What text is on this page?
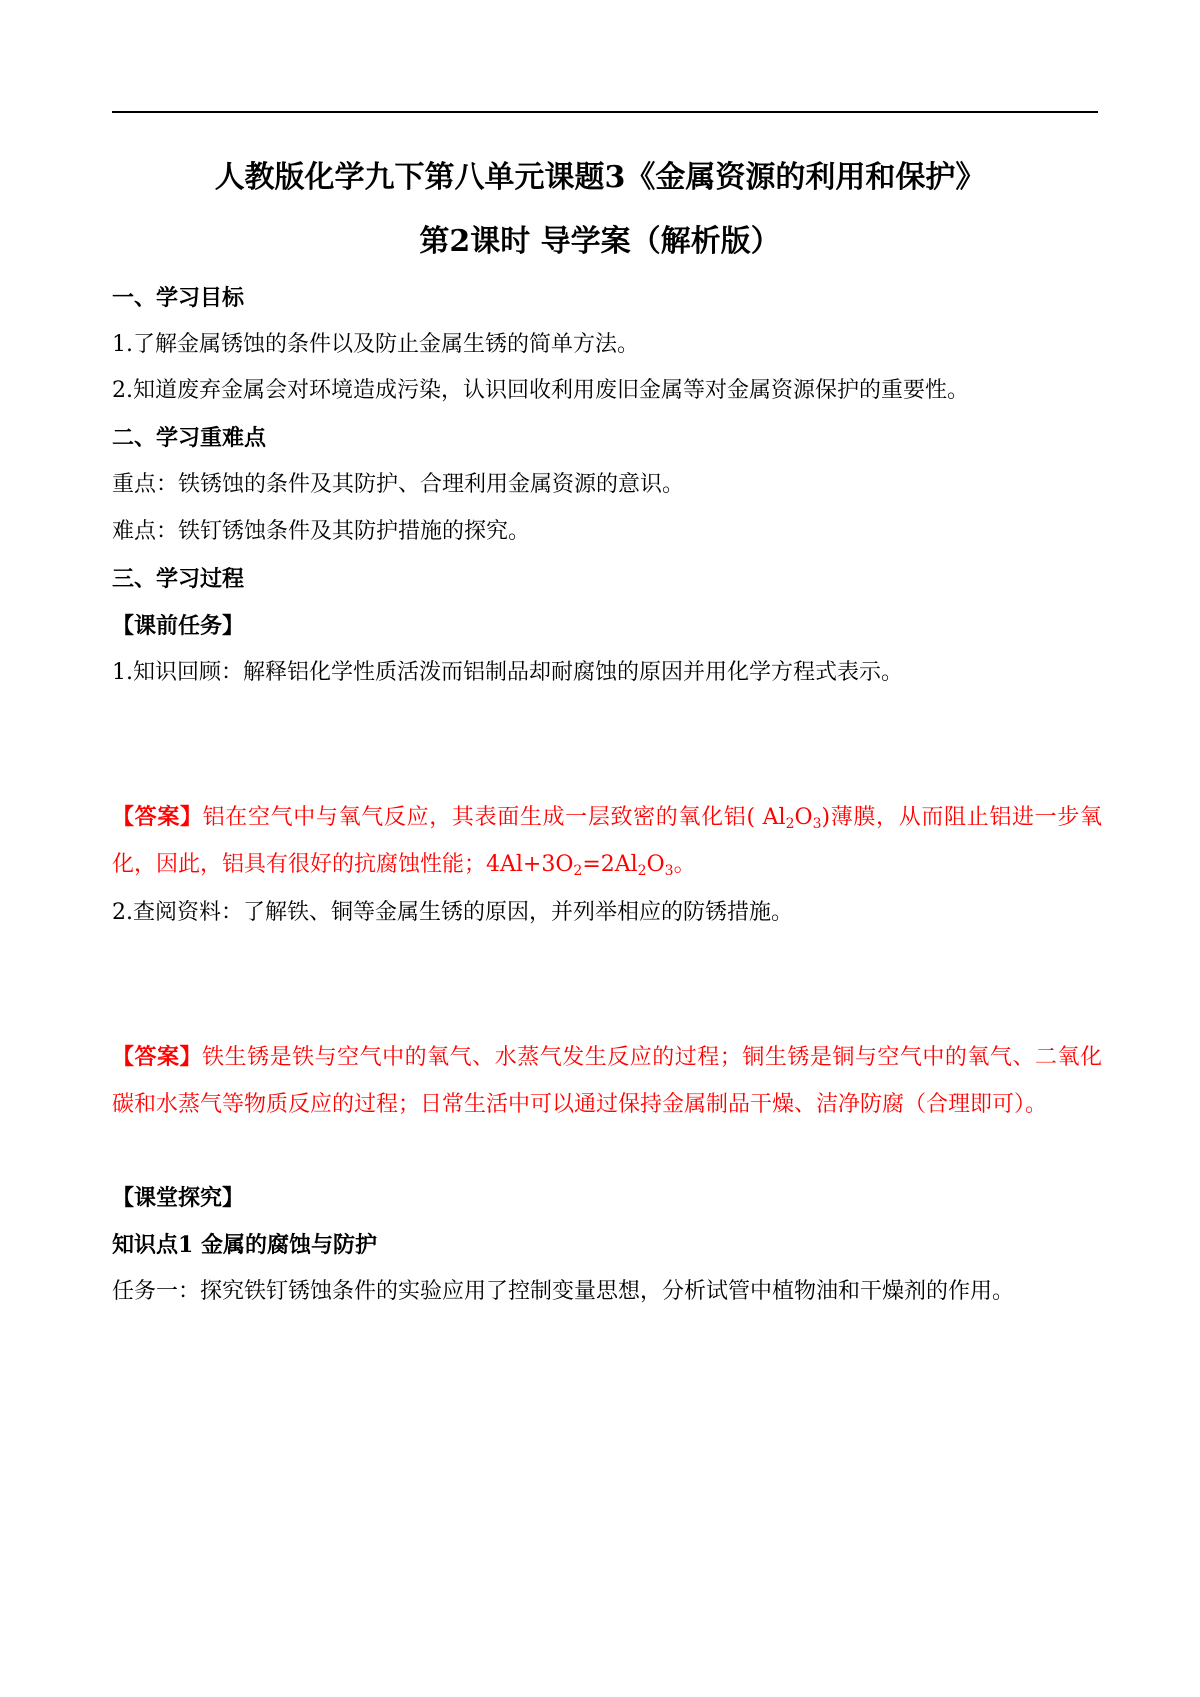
人教版化学九下第八单元课题3《金属资源的利用和保护》
第2课时 导学案（解析版）
一、学习目标
1.了解金属锈蚀的条件以及防止金属生锈的简单方法。
2.知道废弃金属会对环境造成污染，认识回收利用废旧金属等对金属资源保护的重要性。
二、学习重难点
重点：铁锈蚀的条件及其防护、合理利用金属资源的意识。
难点：铁钉锈蚀条件及其防护措施的探究。
三、学习过程
【课前任务】
1.知识回顾：解释铝化学性质活泼而铝制品却耐腐蚀的原因并用化学方程式表示。
【答案】铝在空气中与氧气反应，其表面生成一层致密的氧化铝( $Al_2O_3$)薄膜，从而阻止铝进一步氧化，因此，铝具有很好的抗腐蚀性能；$4Al+3O_2=2Al_2O_3$。
2.查阅资料：了解铁、铜等金属生锈的原因，并列举相应的防锈措施。
【答案】铁生锈是铁与空气中的氧气、水蒸气发生反应的过程；铜生锈是铜与空气中的氧气、二氧化碳和水蒸气等物质反应的过程；日常生活中可以通过保持金属制品干燥、洁净防腐（合理即可）。
【课堂探究】
知识点1 金属的腐蚀与防护
任务一：探究铁钉锈蚀条件的实验应用了控制变量思想，分析试管中植物油和干燥剂的作用。
